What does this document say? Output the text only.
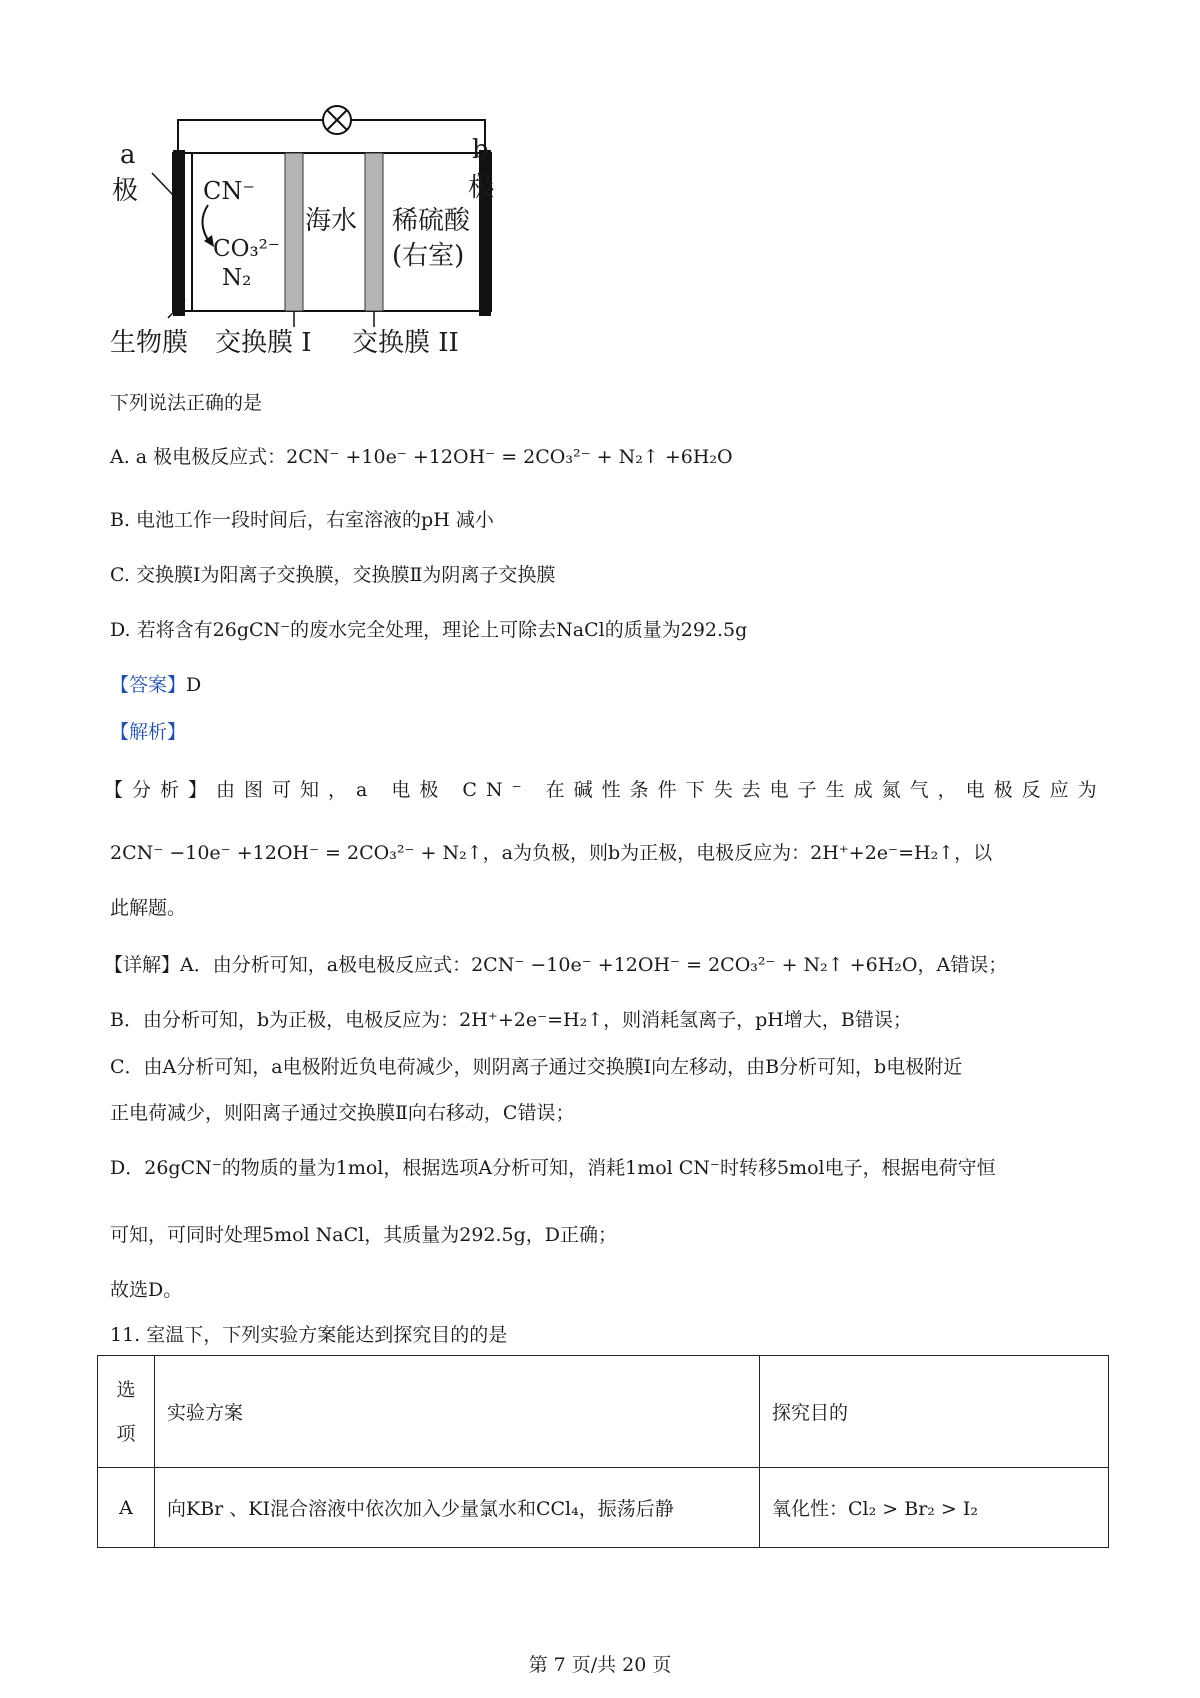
a
极
b
极
CN⁻
CO₃²⁻
N₂
海水 稀硫酸
(右室)
生物膜 交换膜 I 交换膜 II
下列说法正确的是
A. a 极电极反应式：2CN⁻ +10e⁻ +12OH⁻ = 2CO₃²⁻ + N₂↑ +6H₂O
B. 电池工作一段时间后，右室溶液的pH 减小
C. 交换膜Ⅰ为阳离子交换膜，交换膜Ⅱ为阴离子交换膜
D. 若将含有26gCN⁻的废水完全处理，理论上可除去NaCl的质量为292.5g
【答案】D
【解析】
【分析】由图可知，a 电极 CN⁻ 在碱性条件下失去电子生成氮气，电极反应为
2CN⁻ −10e⁻ +12OH⁻ = 2CO₃²⁻ + N₂↑，a为负极，则b为正极，电极反应为：2H⁺+2e⁻=H₂↑，以
此解题。
【详解】A．由分析可知，a极电极反应式：2CN⁻ −10e⁻ +12OH⁻ = 2CO₃²⁻ + N₂↑ +6H₂O，A错误；
B．由分析可知，b为正极，电极反应为：2H⁺+2e⁻=H₂↑，则消耗氢离子，pH增大，B错误；
C．由A分析可知，a电极附近负电荷减少，则阴离子通过交换膜Ⅰ向左移动，由B分析可知，b电极附近
正电荷减少，则阳离子通过交换膜Ⅱ向右移动，C错误；
D．26gCN⁻的物质的量为1mol，根据选项A分析可知，消耗1mol CN⁻时转移5mol电子，根据电荷守恒
可知，可同时处理5mol NaCl，其质量为292.5g，D正确；
故选D。
11. 室温下，下列实验方案能达到探究目的的是
选
项	实验方案	探究目的
A	向KBr 、KI混合溶液中依次加入少量氯水和CCl₄，振荡后静	氧化性：Cl₂ > Br₂ > I₂
第 7 页/共 20 页
